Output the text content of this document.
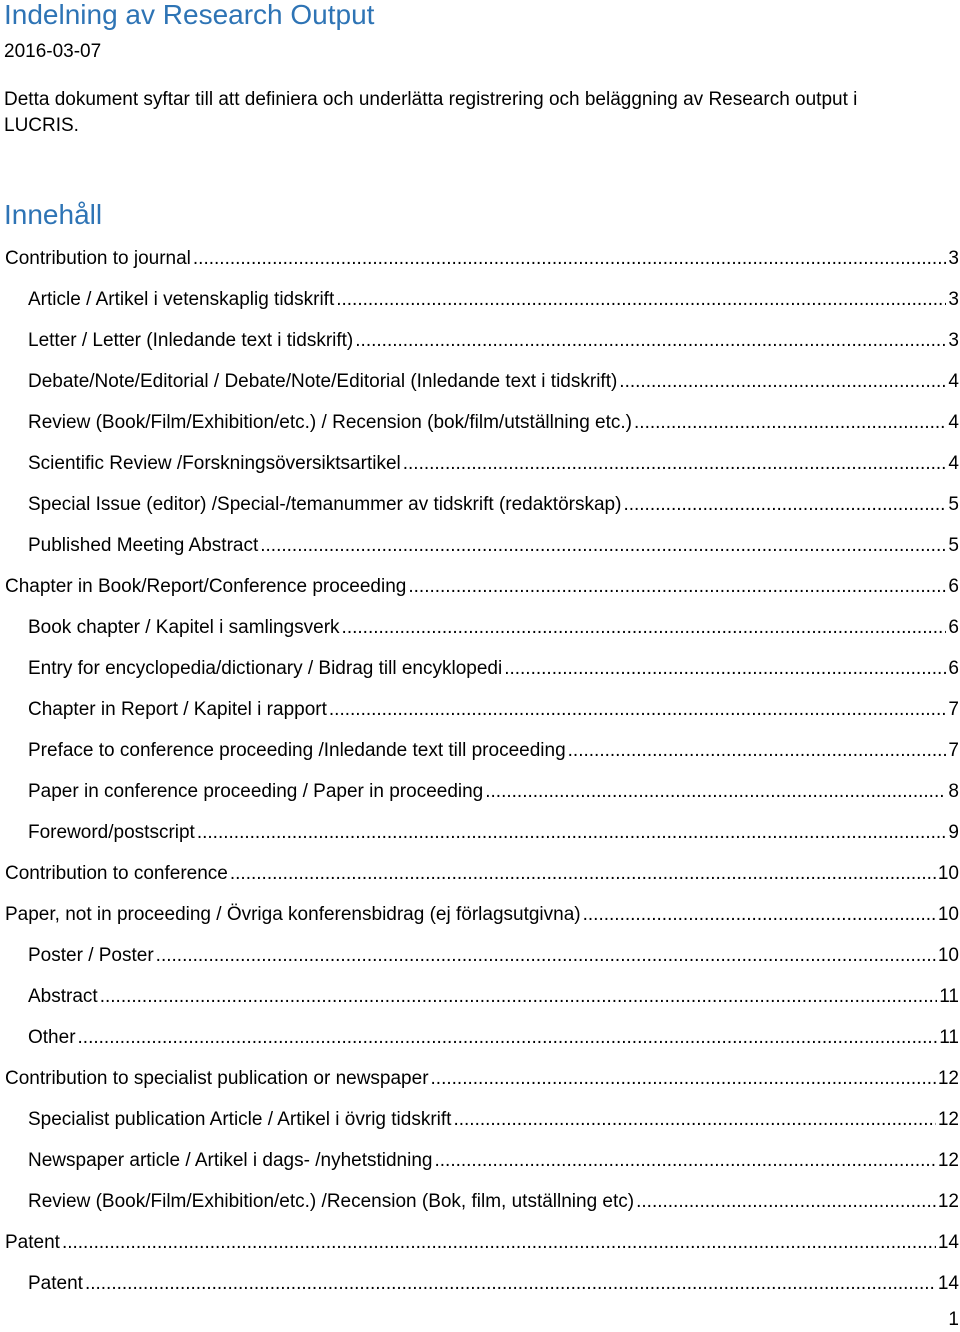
Indelning av Research Output
2016-03-07
Detta dokument syftar till att definiera och underlätta registrering och beläggning av Research output i LUCRIS.
Innehåll
Contribution to journal .....	3
Article / Artikel i vetenskaplig tidskrift .....	3
Letter / Letter (Inledande text i tidskrift) .....	3
Debate/Note/Editorial / Debate/Note/Editorial (Inledande text i tidskrift) .....	4
Review (Book/Film/Exhibition/etc.) / Recension (bok/film/utställning etc.) .....	4
Scientific Review /Forskningsöversiktsartikel .....	4
Special Issue (editor) /Special-/temanummer av tidskrift (redaktörskap) .....	5
Published Meeting Abstract .....	5
Chapter in Book/Report/Conference proceeding .....	6
Book chapter / Kapitel i samlingsverk .....	6
Entry for encyclopedia/dictionary / Bidrag till encyklopedi .....	6
Chapter in Report / Kapitel i rapport .....	7
Preface to conference proceeding /Inledande text till proceeding .....	7
Paper in conference proceeding / Paper in proceeding .....	8
Foreword/postscript .....	9
Contribution to conference .....	10
Paper, not in proceeding / Övriga konferensbidrag (ej förlagsutgivna) .....	10
Poster / Poster .....	10
Abstract .....	11
Other .....	11
Contribution to specialist publication or newspaper .....	12
Specialist publication Article / Artikel i övrig tidskrift .....	12
Newspaper article / Artikel i dags- /nyhetstidning .....	12
Review (Book/Film/Exhibition/etc.) /Recension (Bok, film, utställning etc) .....	12
Patent .....	14
Patent .....	14
1
